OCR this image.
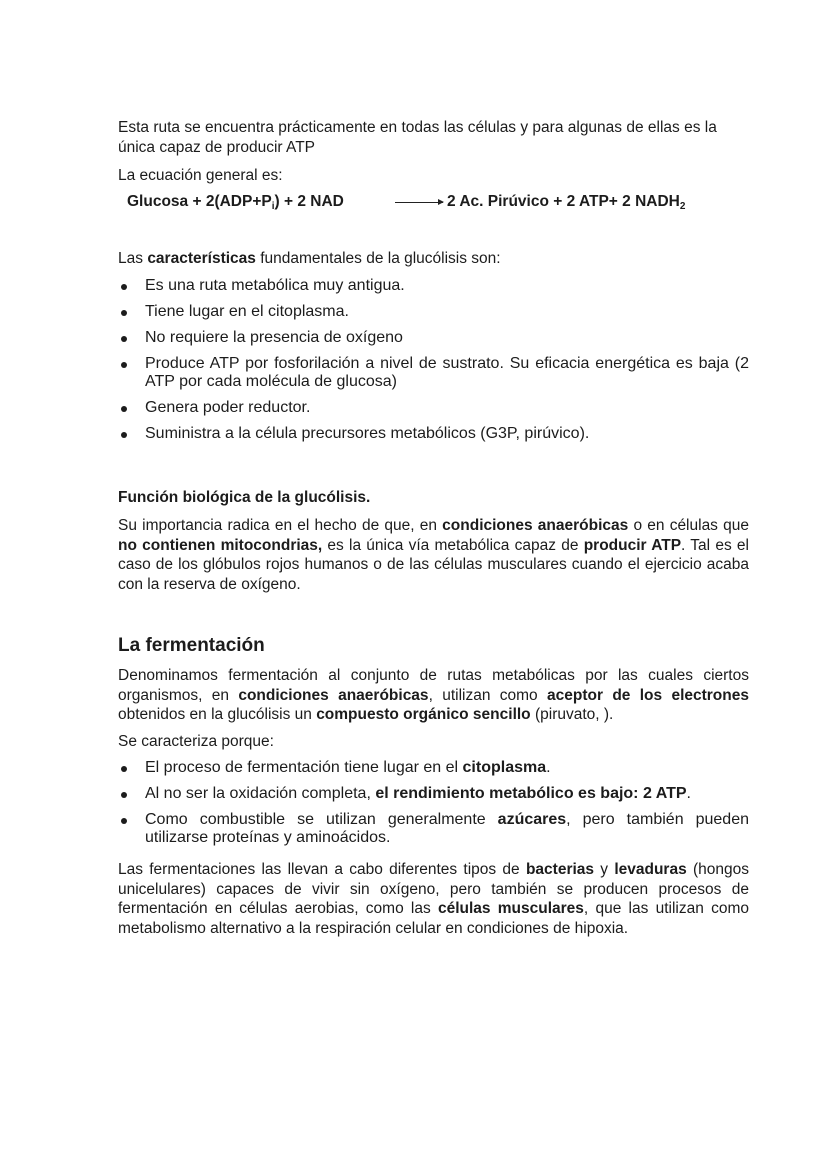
Esta ruta se encuentra prácticamente en todas las células y para algunas de ellas es la única capaz de producir ATP

La ecuación general es:

$Glucosa + 2(ADP+P_i) + 2$ NAD	→ 2 Ac. Pirúvico + 2 ATP+ 2 $NADH_2$

Las características fundamentales de la glucólisis son:

Es una ruta metabólica muy antigua.
Tiene lugar en el citoplasma.
No requiere la presencia de oxígeno
Produce ATP por fosforilación a nivel de sustrato. Su eficacia energética es baja (2 ATP por cada molécula de glucosa)
Genera poder reductor.
Suministra a la célula precursores metabólicos (G3P, pirúvico).
Función biológica de la glucólisis.

Su importancia radica en el hecho de que, en condiciones anaeróbicas o en células que no contienen mitocondrias, es la única vía metabólica capaz de producir ATP. Tal es el caso de los glóbulos rojos humanos o de las células musculares cuando el ejercicio acaba con la reserva de oxígeno.

La fermentación

Denominamos fermentación al conjunto de rutas metabólicas por las cuales ciertos organismos, en condiciones anaeróbicas, utilizan como aceptor de los electrones obtenidos en la glucólisis un compuesto orgánico sencillo (piruvato, ).

Se caracteriza porque:

El proceso de fermentación tiene lugar en el citoplasma.
Al no ser la oxidación completa, el rendimiento metabólico es bajo: 2 ATP.
Como combustible se utilizan generalmente azúcares, pero también pueden utilizarse proteínas y aminoácidos.

Las fermentaciones las llevan a cabo diferentes tipos de bacterias y levaduras (hongos unicelulares) capaces de vivir sin oxígeno, pero también se producen procesos de fermentación en células aerobias, como las células musculares, que las utilizan como metabolismo alternativo a la respiración celular en condiciones de hipoxia.
